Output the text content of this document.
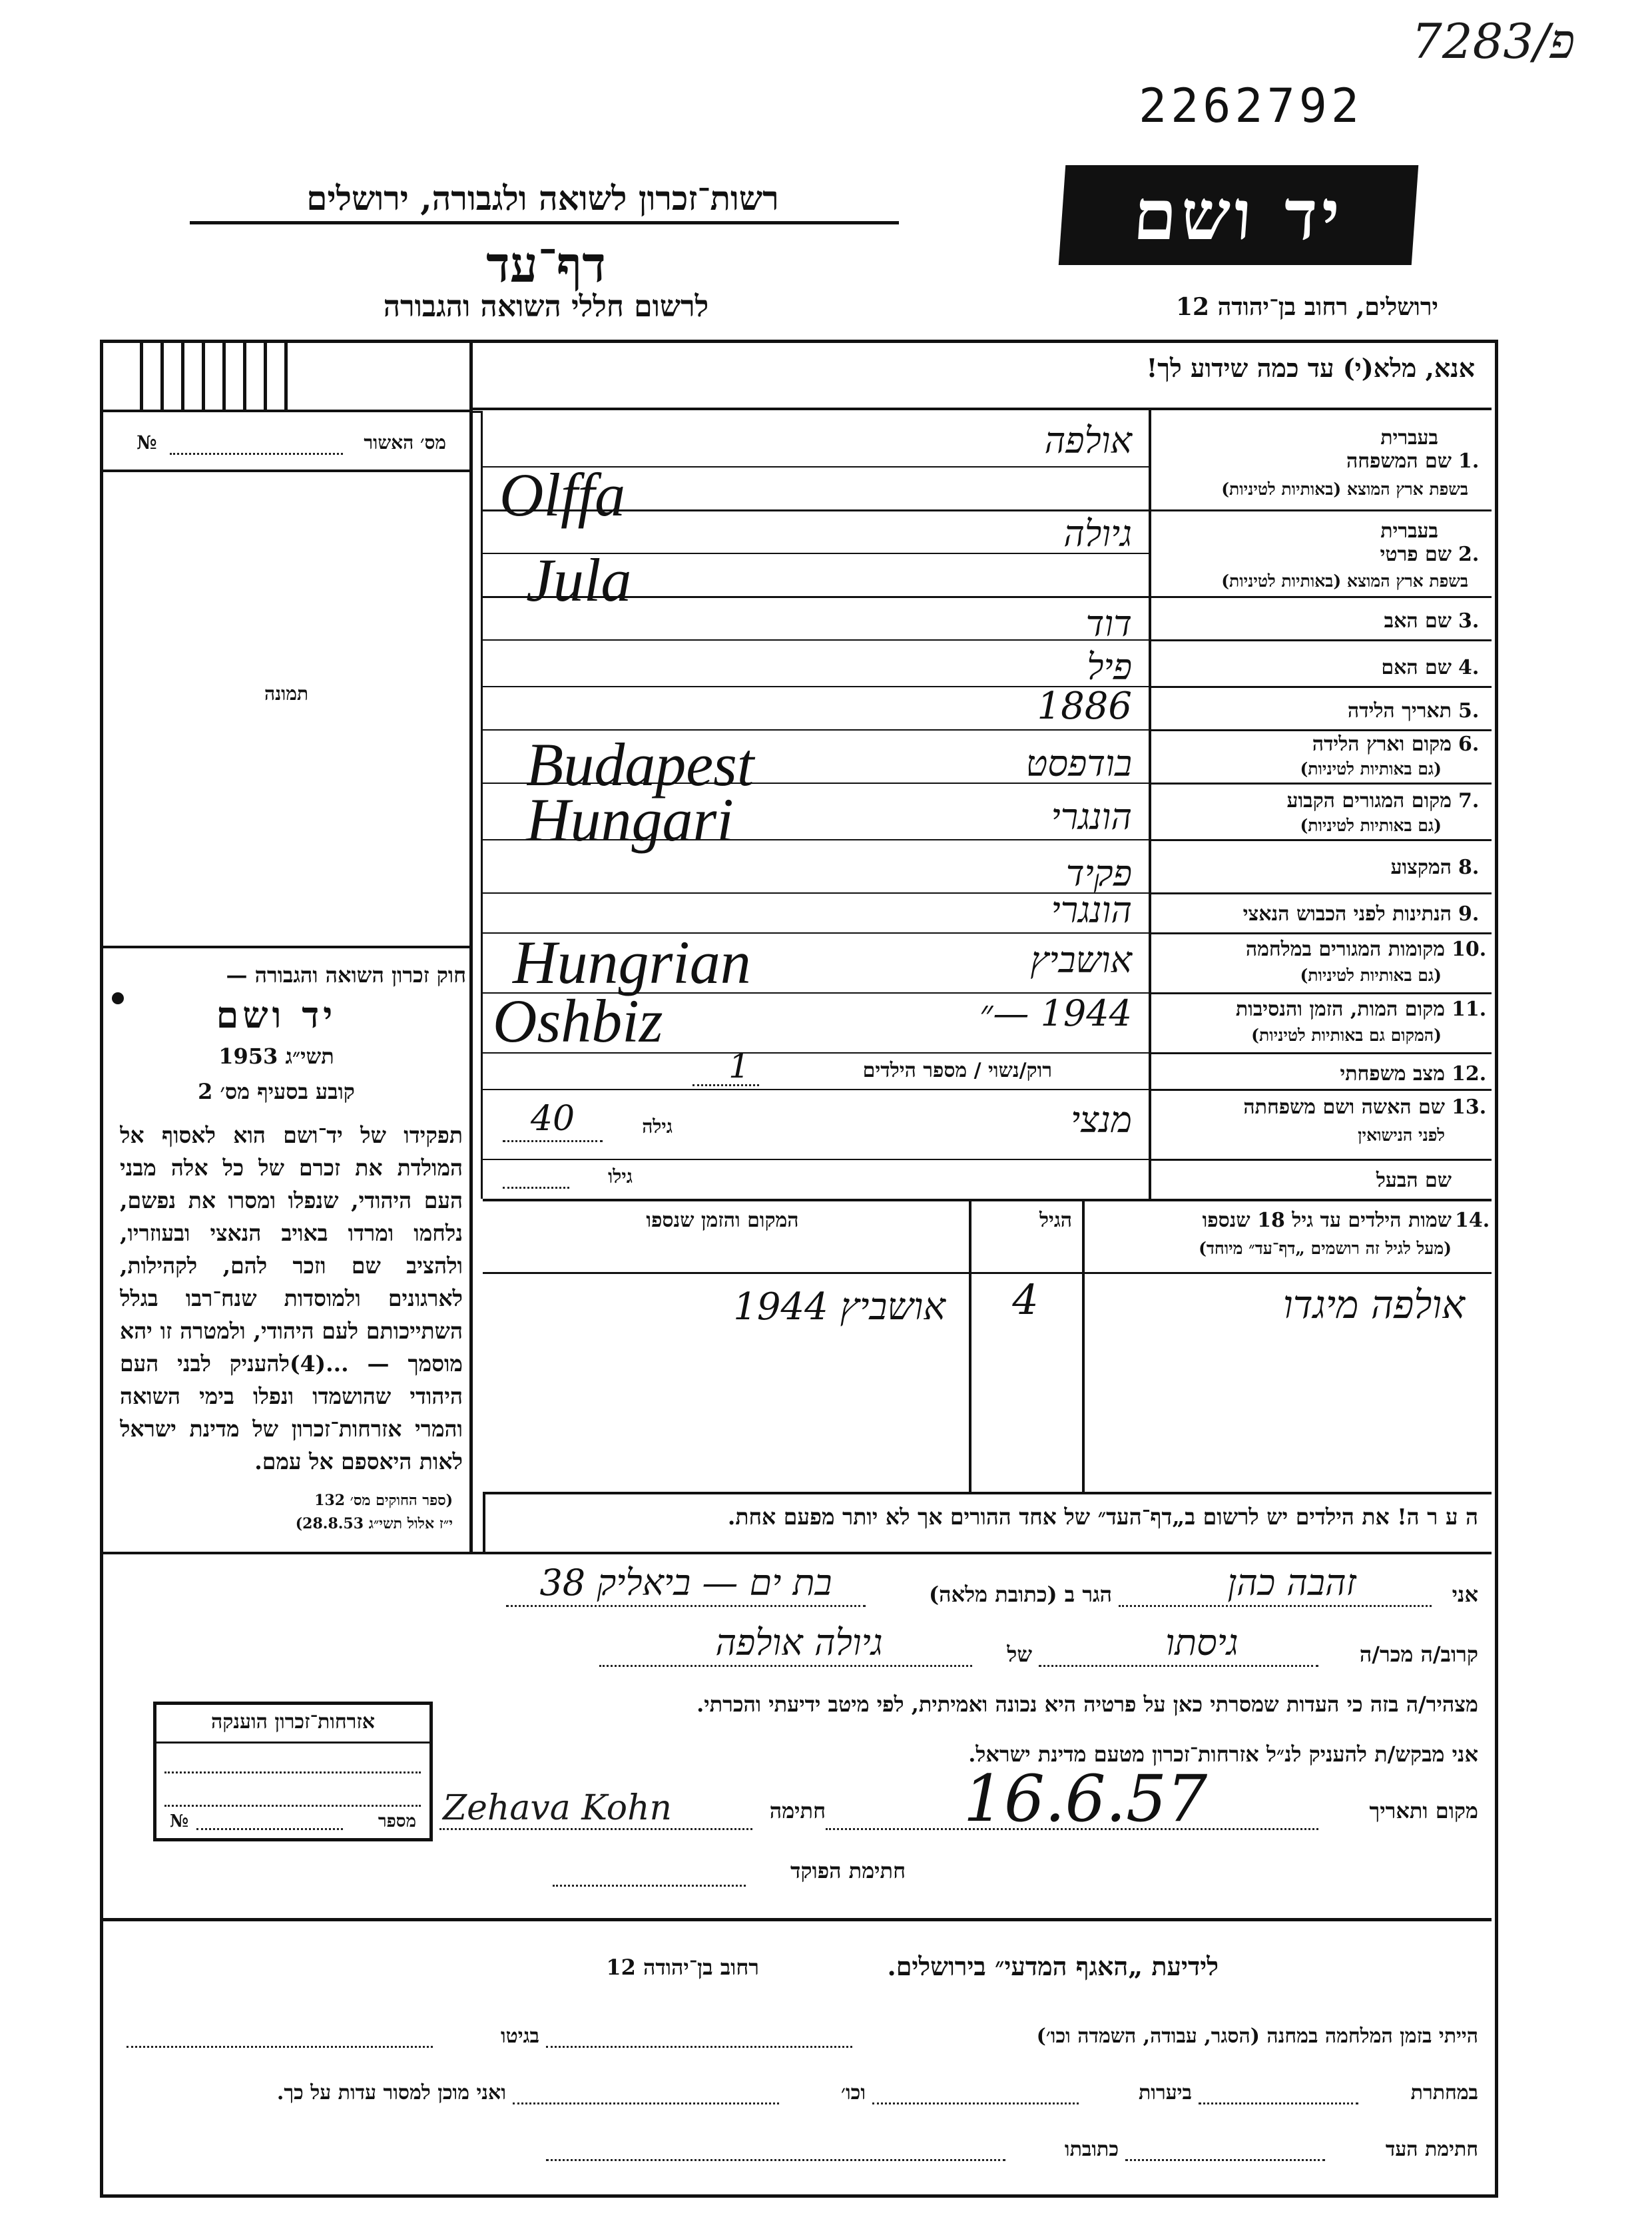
7פ/283
2262792
רשות־זכרון לשואה ולגבורה, ירושלים
דף־עד
לרשום חללי השואה והגבורה
יד ושם
ירושלים, רחוב בן־יהודה 12
אנא, מלא(י) עד כמה שידוע לך!
№	מס׳ האשור
תמונה
חוק זכרון השואה והגבורה —
יד ושם
תשי״ג 1953
קובע בסעיף מס׳ 2
תפקידו של יד־ושם הוא לאסוף אל המולדת את זכרם של כל אלה מבני העם היהודי, שנפלו ומסרו את נפשם, נלחמו ומרדו באויב הנאצי ובעוזריו, ולהציב שם וזכר להם, לקהילות, לארגונים ולמוסדות שנח־רבו בגלל השתייכותם לעם היהודי, ולמטרה זו יהא מוסמך — ...(4)להעניק לבני העם היהודי שהושמדו ונפלו בימי השואה והמרי אזרחות־זכרון של מדינת ישראל לאות היאספם אל עמם.
(ספר החוקים מס׳ 132
י״ז אלול תשי״ג 28.8.53)
בעברית
1.
שם המשפחה
בשפת ארץ המוצא (באותיות לטיניות)
בעברית
2.
שם פרטי
בשפת ארץ המוצא (באותיות לטיניות)
3.
שם האב
4.
שם האם
5.
תאריך הלידה
6.
מקום וארץ הלידה
(גם באותיות לטיניות)
7.
מקום המגורים הקבוע
(גם באותיות לטיניות)
8.
המקצוע
9.
הנתינות לפני הכבוש הנאצי
10.
מקומות המגורים במלחמה
(גם באותיות לטיניות)
11.
מקום המות, הזמן והנסיבות
(המקום גם באותיות לטיניות)
12.
מצב משפחתי
13.
שם האשה ושם משפחתה
לפני הנישואין
שם הבעל
אולפה
Olffa
גיולה
Jula
דוד
פיל
1886
בודפסט
Budapest
הונגרי
Hungari
פקיד
הונגרי
אושביץ
Hungrian
1944 —״
Oshbiz
רוק/נשוי / מספר הילדים
1
מנצי
גילה
40
גילו
14.
שמות הילדים עד גיל 18 שנספו
(מעל לגיל זה רושמים „דף־עד״ מיוחד)
הגיל
המקום והזמן שנספו
אולפה מיגדו
4
אושביץ 1944
ה ע ר ה! את הילדים יש לרשום ב„דף־העד״ של אחד ההורים אך לא יותר מפעם אחת.
אני
זהבה כהן
הגר ב (כתובת מלאה)
בת ים — ביאליק 38
קרוב/ה מכר/ה
גיסתו
של
גיולה אולפה
מצהיר/ה בזה כי העדות שמסרתי כאן על פרטיה היא נכונה ואמיתית, לפי מיטב ידיעתי והכרתי.
אני מבקש/ת להעניק לנ״ל אזרחות־זכרון מטעם מדינת ישראל.
מקום ותאריך
16.6.57
חתימה
Zehava Kohn
חתימת הפוקד
אזרחות־זכרון הוענקה
№	מספר
לידיעת „האגף המדעי״ בירושלים.
רחוב בן־יהודה 12
הייתי בזמן המלחמה במחנה (הסגר, עבודה, השמדה וכו׳)
בגיטו
במחתרת
ביערות
וכו׳
ואני מוכן למסור עדות על כך.
חתימת העד
כתובתו
